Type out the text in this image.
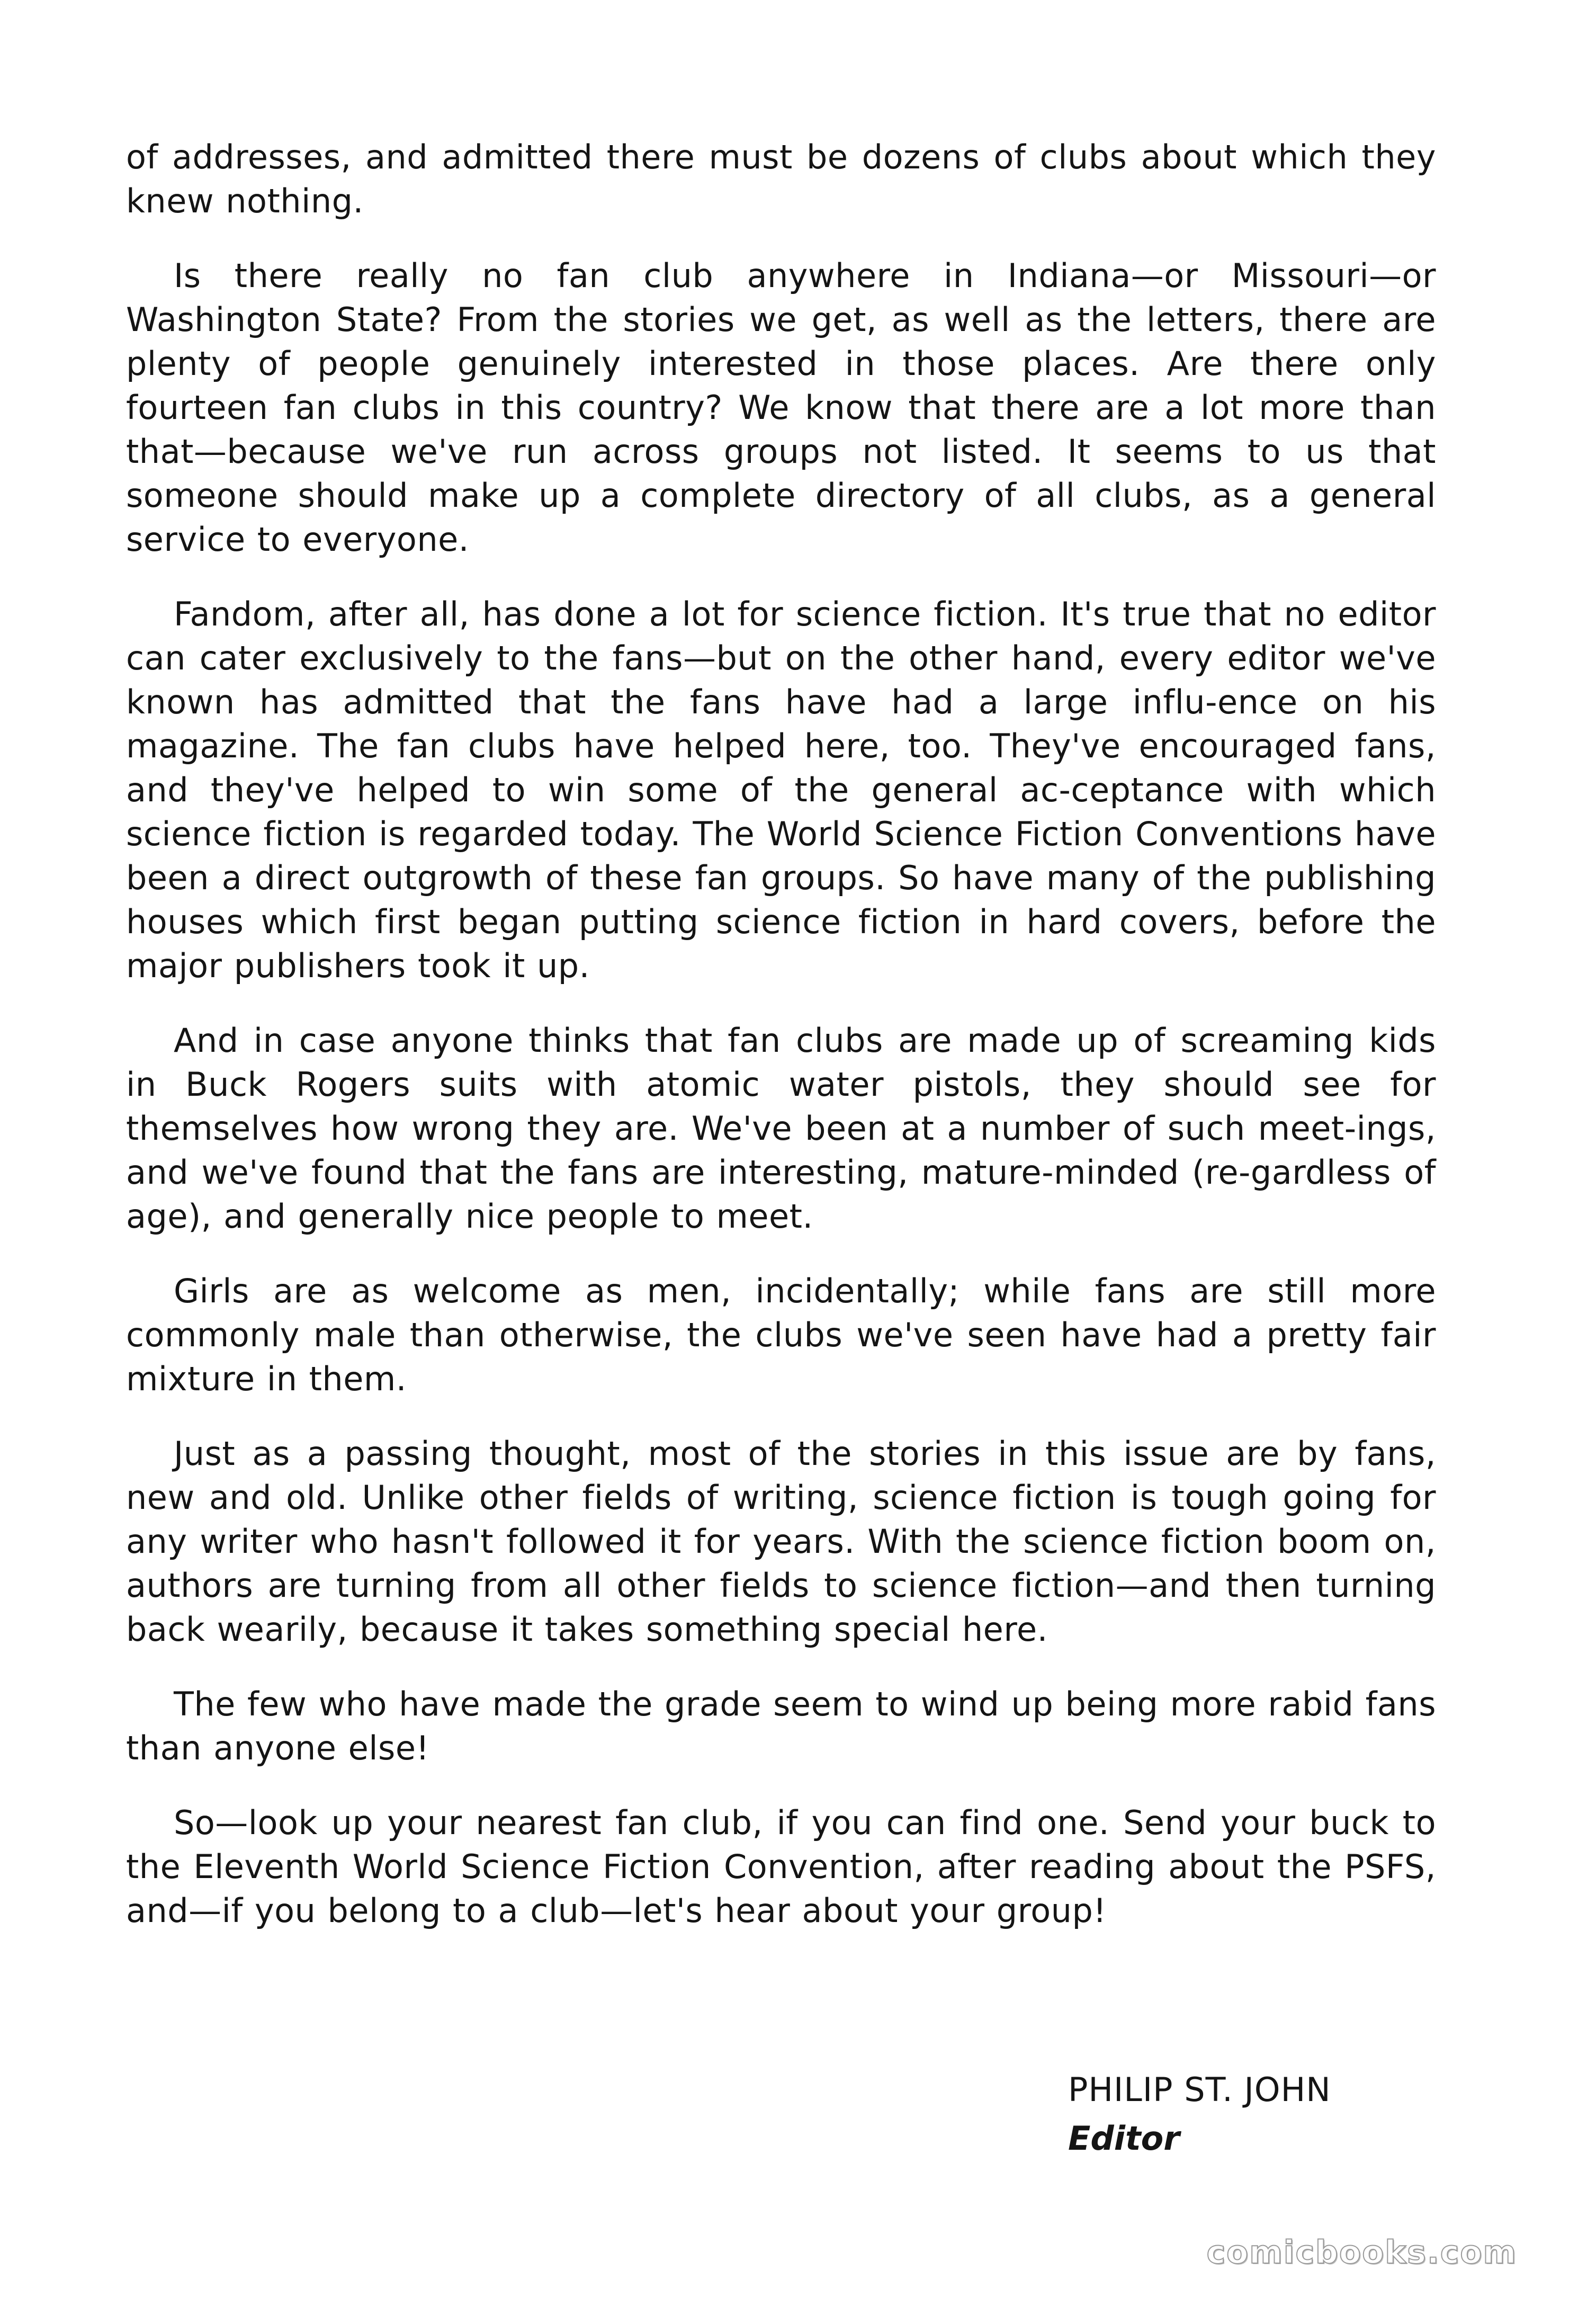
of addresses, and admitted there must be dozens of clubs about which they knew nothing.

Is there really no fan club anywhere in Indiana—or Missouri—or Washington State? From the stories we get, as well as the letters, there are plenty of people genuinely interested in those places. Are there only fourteen fan clubs in this country? We know that there are a lot more than that—because we've run across groups not listed. It seems to us that someone should make up a complete directory of all clubs, as a general service to everyone.

Fandom, after all, has done a lot for science fiction. It's true that no editor can cater exclusively to the fans—but on the other hand, every editor we've known has admitted that the fans have had a large influ-ence on his magazine. The fan clubs have helped here, too. They've encouraged fans, and they've helped to win some of the general ac-ceptance with which science fiction is regarded today. The World Science Fiction Conventions have been a direct outgrowth of these fan groups. So have many of the publishing houses which first began putting science fiction in hard covers, before the major publishers took it up.

And in case anyone thinks that fan clubs are made up of screaming kids in Buck Rogers suits with atomic water pistols, they should see for themselves how wrong they are. We've been at a number of such meet-ings, and we've found that the fans are interesting, mature-minded (re-gardless of age), and generally nice people to meet.

Girls are as welcome as men, incidentally; while fans are still more commonly male than otherwise, the clubs we've seen have had a pretty fair mixture in them.

Just as a passing thought, most of the stories in this issue are by fans, new and old. Unlike other fields of writing, science fiction is tough going for any writer who hasn't followed it for years. With the science fiction boom on, authors are turning from all other fields to science fiction—and then turning back wearily, because it takes something special here.

The few who have made the grade seem to wind up being more rabid fans than anyone else!

So—look up your nearest fan club, if you can find one. Send your buck to the Eleventh World Science Fiction Convention, after reading about the PSFS, and—if you belong to a club—let's hear about your group!

PHILIP ST. JOHN
Editor
comicbooks.com
